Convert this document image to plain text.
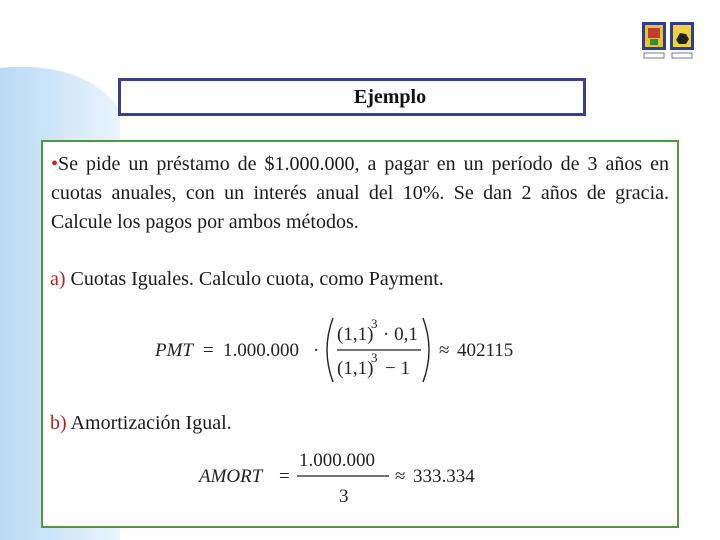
Ejemplo
•Se pide un préstamo de $1.000.000, a pagar en un período de 3 años en cuotas anuales, con un interés anual del 10%. Se dan 2 años de gracia. Calcule los pagos por ambos métodos.
a) Cuotas Iguales. Calculo cuota, como Payment.
PMT = 1.000.000 ·
(1,1)
3
· 0,1
(1,1)
3
− 1
≈ 402115
b) Amortización Igual.
AMORT =
1.000.000
3
≈ 333.334
